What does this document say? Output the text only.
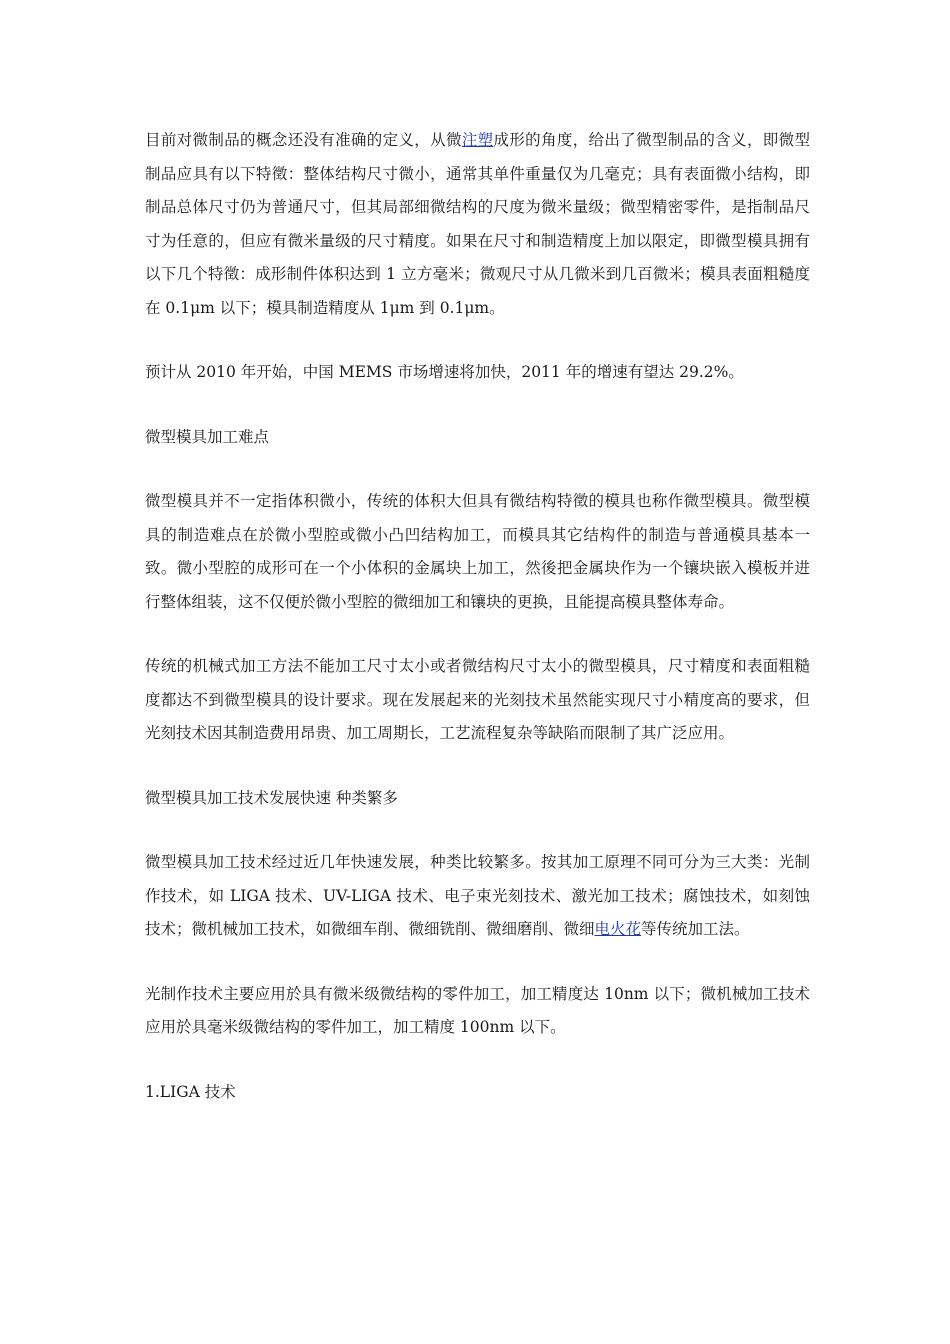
目前对微制品的概念还没有准确的定义，从微注塑成形的角度，给出了微型制品的含义，即微型制品应具有以下特徵：整体结构尺寸微小，通常其单件重量仅为几毫克；具有表面微小结构，即制品总体尺寸仍为普通尺寸，但其局部细微结构的尺度为微米量级；微型精密零件，是指制品尺寸为任意的，但应有微米量级的尺寸精度。如果在尺寸和制造精度上加以限定，即微型模具拥有以下几个特徵：成形制件体积达到 1 立方毫米；微观尺寸从几微米到几百微米；模具表面粗糙度在 0.1μm 以下；模具制造精度从 1μm 到 0.1μm。

预计从 2010 年开始，中国 MEMS 市场增速将加快，2011 年的增速有望达 29.2%。

微型模具加工难点

微型模具并不一定指体积微小，传统的体积大但具有微结构特徵的模具也称作微型模具。微型模具的制造难点在於微小型腔或微小凸凹结构加工，而模具其它结构件的制造与普通模具基本一致。微小型腔的成形可在一个小体积的金属块上加工，然後把金属块作为一个镶块嵌入模板并进行整体组装，这不仅便於微小型腔的微细加工和镶块的更换，且能提高模具整体寿命。

传统的机械式加工方法不能加工尺寸太小或者微结构尺寸太小的微型模具，尺寸精度和表面粗糙度都达不到微型模具的设计要求。现在发展起来的光刻技术虽然能实现尺寸小精度高的要求，但光刻技术因其制造费用昂贵、加工周期长，工艺流程复杂等缺陷而限制了其广泛应用。

微型模具加工技术发展快速 种类繁多

微型模具加工技术经过近几年快速发展，种类比较繁多。按其加工原理不同可分为三大类：光制作技术，如 LIGA 技术、UV-LIGA 技术、电子束光刻技术、激光加工技术；腐蚀技术，如刻蚀技术；微机械加工技术，如微细车削、微细铣削、微细磨削、微细电火花等传统加工法。

光制作技术主要应用於具有微米级微结构的零件加工，加工精度达 10nm 以下；微机械加工技术应用於具毫米级微结构的零件加工，加工精度 100nm 以下。

1.LIGA 技术
